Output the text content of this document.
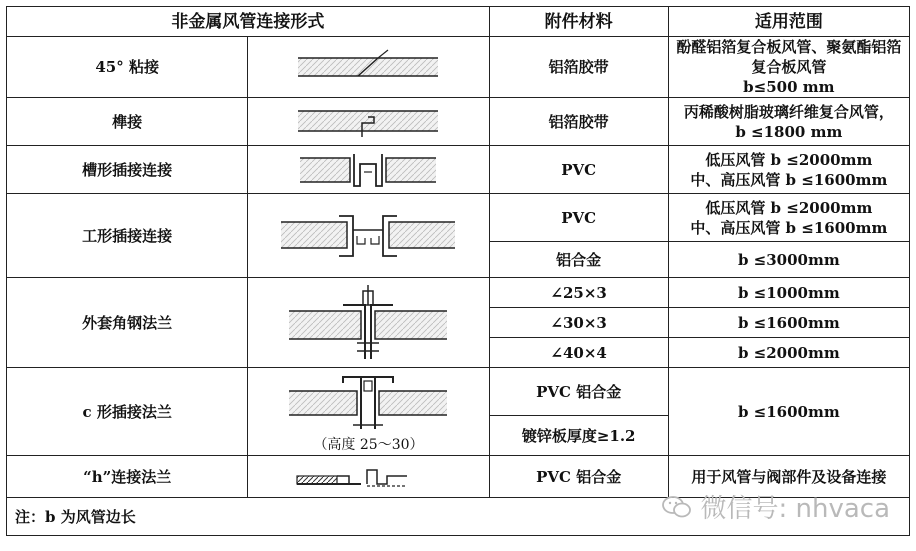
非金属风管连接形式		附件材料	适用范围
45° 粘接		铝箔胶带	酚醛铝箔复合板风管、聚氨酯铝箔复合板风管
b≤500 mm

榫接		铝箔胶带	丙稀酸树脂玻璃纤维复合风管，
b ≤1800 mm

槽形插接连接		PVC	低压风管 b ≤2000mm
中、高压风管 b ≤1600mm

工形插接连接		PVC	低压风管 b ≤2000mm
中、高压风管 b ≤1600mm

		铝合金	b ≤3000mm
外套角钢法兰		∠25×3	b ≤1000mm
		∠30×3	b ≤1600mm
		∠40×4	b ≤2000mm
c 形插接法兰	（高度 25～30）	PVC 铝合金	b ≤1600mm
		镀锌板厚度≥1.2	
“h”连接法兰		PVC 铝合金	用于风管与阀部件及设备连接
注：b 为风管边长				微信号: nhvaca
